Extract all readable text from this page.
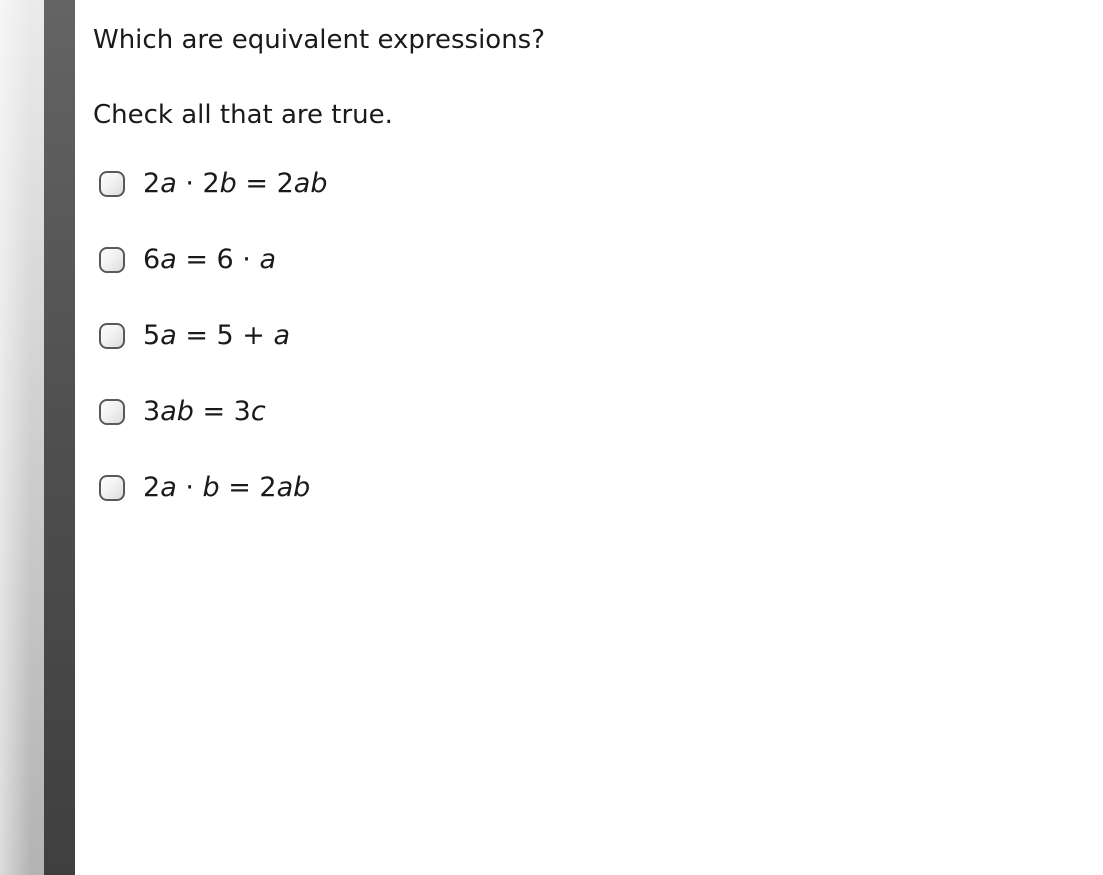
Which are equivalent expressions?

Check all that are true.

2a · 2b = 2ab
6a = 6 · a
5a = 5 + a
3ab = 3c
2a · b = 2ab
